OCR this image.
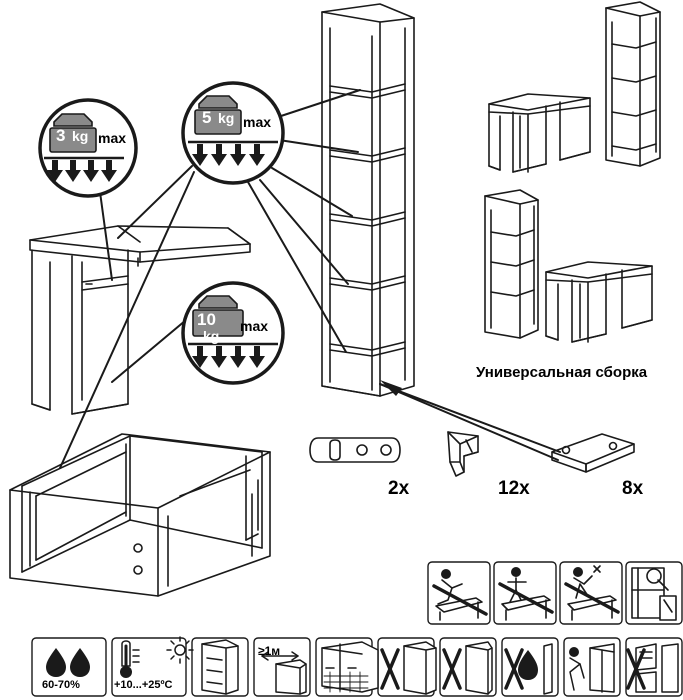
3 kg max
5 kg max
10
kg
max
Универсальная сборка
2x	12x	8x
60-70%	+10...+25ºC
≥1м
